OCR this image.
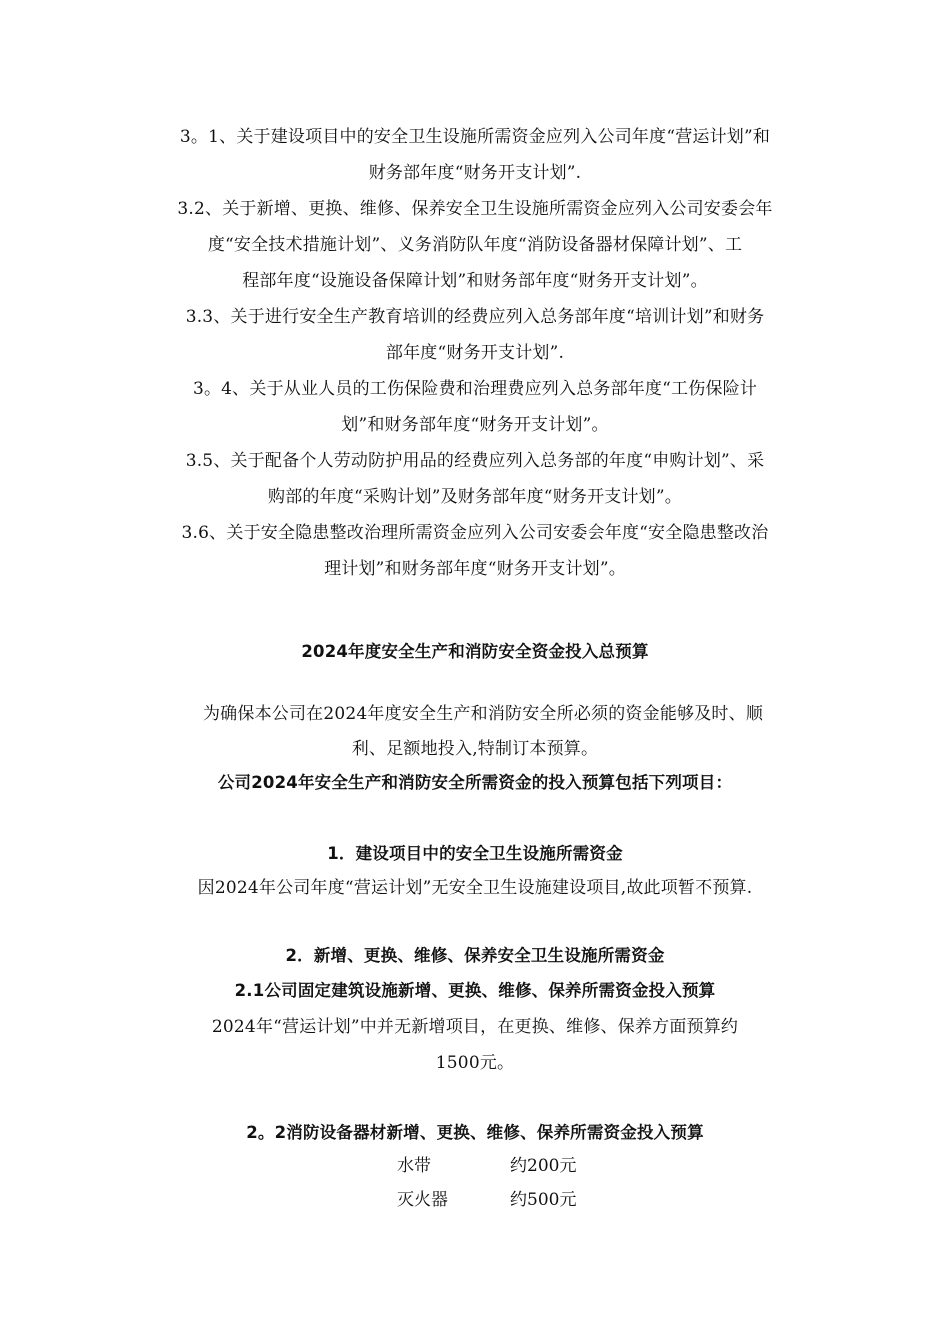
3。1、关于建设项目中的安全卫生设施所需资金应列入公司年度“营运计划”和
财务部年度“财务开支计划”.
3.2、关于新增、更换、维修、保养安全卫生设施所需资金应列入公司安委会年
度“安全技术措施计划”、义务消防队年度“消防设备器材保障计划”、工
程部年度“设施设备保障计划”和财务部年度“财务开支计划”。
3.3、关于进行安全生产教育培训的经费应列入总务部年度“培训计划”和财务
部年度“财务开支计划”.
3。4、关于从业人员的工伤保险费和治理费应列入总务部年度“工伤保险计
划”和财务部年度“财务开支计划”。
3.5、关于配备个人劳动防护用品的经费应列入总务部的年度“申购计划”、采
购部的年度“采购计划”及财务部年度“财务开支计划”。
3.6、关于安全隐患整改治理所需资金应列入公司安委会年度“安全隐患整改治
理计划”和财务部年度“财务开支计划”。
2024年度安全生产和消防安全资金投入总预算
为确保本公司在2024年度安全生产和消防安全所必须的资金能够及时、顺
利、足额地投入,特制订本预算。
公司2024年安全生产和消防安全所需资金的投入预算包括下列项目：
1．建设项目中的安全卫生设施所需资金
因2024年公司年度“营运计划”无安全卫生设施建设项目,故此项暂不预算.
2．新增、更换、维修、保养安全卫生设施所需资金
2.1公司固定建筑设施新增、更换、维修、保养所需资金投入预算
2024年“营运计划”中并无新增项目，在更换、维修、保养方面预算约
1500元。
2。2消防设备器材新增、更换、维修、保养所需资金投入预算
水带	约200元
灭火器	约500元
